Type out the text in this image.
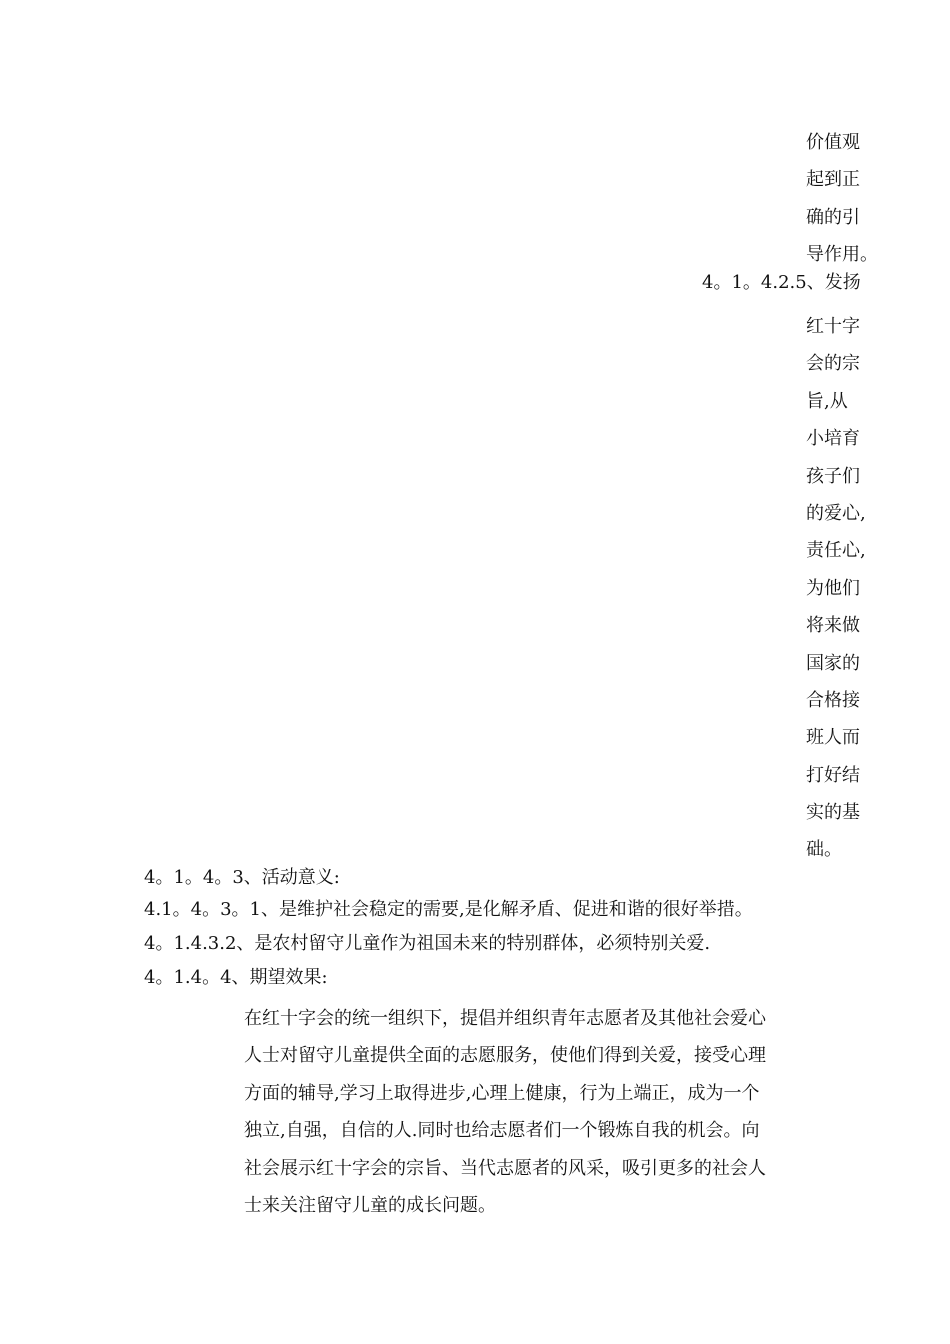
价值观
起到正
确的引
导作用。
4。1。4.2.5、发扬
红十字
会的宗
旨,从
小培育
孩子们
的爱心,
责任心,
为他们
将来做
国家的
合格接
班人而
打好结
实的基
础。
4。1。4。3、活动意义:
4.1。4。3。1、是维护社会稳定的需要,是化解矛盾、促进和谐的很好举措。
4。1.4.3.2、是农村留守儿童作为祖国未来的特别群体，必须特别关爱.
4。1.4。4、期望效果:
在红十字会的统一组织下，提倡并组织青年志愿者及其他社会爱心
人士对留守儿童提供全面的志愿服务，使他们得到关爱，接受心理
方面的辅导,学习上取得进步,心理上健康，行为上端正，成为一个
独立,自强，自信的人.同时也给志愿者们一个锻炼自我的机会。向
社会展示红十字会的宗旨、当代志愿者的风采，吸引更多的社会人
士来关注留守儿童的成长问题。
